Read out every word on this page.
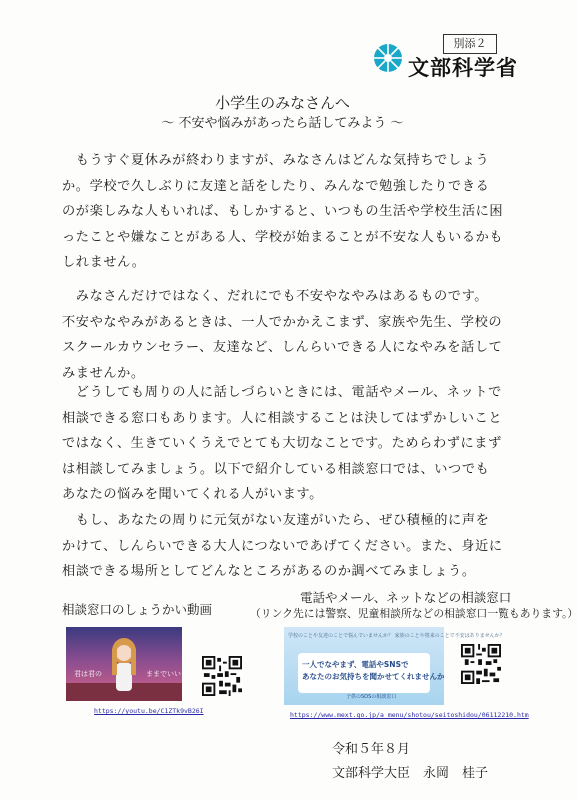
別添２
文部科学省
小学生のみなさんへ
～ 不安や悩みがあったら話してみよう ～
　もうすぐ夏休みが終わりますが、みなさんはどんな気持ちでしょう
か。学校で久しぶりに友達と話をしたり、みんなで勉強したりできる
のが楽しみな人もいれば、もしかすると、いつもの生活や学校生活に困
ったことや嫌なことがある人、学校が始まることが不安な人もいるかも
しれません。
　みなさんだけではなく、だれにでも不安やなやみはあるものです。
不安やなやみがあるときは、一人でかかえこまず、家族や先生、学校の
スクールカウンセラー、友達など、しんらいできる人になやみを話して
みませんか。
　どうしても周りの人に話しづらいときには、電話やメール、ネットで
相談できる窓口もあります。人に相談することは決してはずかしいこと
ではなく、生きていくうえでとても大切なことです。ためらわずにまず
は相談してみましょう。以下で紹介している相談窓口では、いつでも
あなたの悩みを聞いてくれる人がいます。
　もし、あなたの周りに元気がない友達がいたら、ぜひ積極的に声を
かけて、しんらいできる大人につないであげてください。また、身近に
相談できる場所としてどんなところがあるのか調べてみましょう。
相談窓口のしょうかい動画
電話やメール、ネットなどの相談窓口
（リンク先には警察、児童相談所などの相談窓口一覧もあります。）
君は君の	ままでいい
学校のことや友達のことで悩んでいませんか？ 家族のことや将来のことで不安はありませんか？
一人でなやまず、電話やSNSで
あなたのお気持ちを聞かせてくれませんか
子供のSOSの相談窓口
https://youtu.be/C1ZTk9vB26I	https://www.mext.go.jp/a_menu/shotou/seitoshidou/06112210.htm
令和５年８月
文部科学大臣　永岡　桂子
